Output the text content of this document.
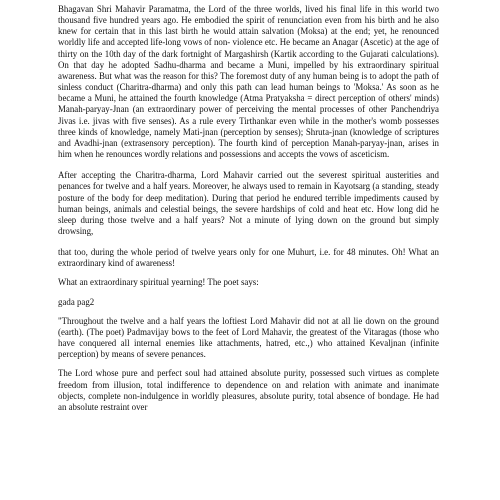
Bhagavan Shri Mahavir Paramatma, the Lord of the three worlds, lived his final life in this world two thousand five hundred years ago. He embodied the spirit of renunciation even from his birth and he also knew for certain that in this last birth he would attain salvation (Moksa) at the end; yet, he renounced worldly life and accepted life-long vows of non- violence etc. He became an Anagar (Ascetic) at the age of thirty on the 10th day of the dark fortnight of Margashirsh (Kartik according to the Gujarati calculations). On that day he adopted Sadhu-dharma and became a Muni, impelled by his extraordinary spiritual awareness. But what was the reason for this? The foremost duty of any human being is to adopt the path of sinless conduct (Charitra-dharma) and only this path can lead human beings to 'Moksa.' As soon as he became a Muni, he attained the fourth knowledge (Atma Pratyaksha = direct perception of others' minds) Manah-paryay-Jnan (an extraordinary power of perceiving the mental processes of other Panchendriya Jivas i.e. jivas with five senses). As a rule every Tirthankar even while in the mother's womb possesses three kinds of knowledge, namely Mati-jnan (perception by senses); Shruta-jnan (knowledge of scriptures and Avadhi-jnan (extrasensory perception). The fourth kind of perception Manah-paryay-jnan, arises in him when he renounces wordly relations and possessions and accepts the vows of asceticism.

After accepting the Charitra-dharma, Lord Mahavir carried out the severest spiritual austerities and penances for twelve and a half years. Moreover, he always used to remain in Kayotsarg (a standing, steady posture of the body for deep meditation). During that period he endured terrible impediments caused by human beings, animals and celestial beings, the severe hardships of cold and heat etc. How long did he sleep during those twelve and a half years? Not a minute of lying down on the ground but simply drowsing,

that too, during the whole period of twelve years only for one Muhurt, i.e. for 48 minutes. Oh! What an extraordinary kind of awareness!

What an extraordinary spiritual yearning! The poet says:

gada pag2

"Throughout the twelve and a half years the loftiest Lord Mahavir did not at all lie down on the ground (earth). (The poet) Padmavijay bows to the feet of Lord Mahavir, the greatest of the Vitaragas (those who have conquered all internal enemies like attachments, hatred, etc.,) who attained Kevaljnan (infinite perception) by means of severe penances.

The Lord whose pure and perfect soul had attained absolute purity, possessed such virtues as complete freedom from illusion, total indifference to dependence on and relation with animate and inanimate objects, complete non-indulgence in worldly pleasures, absolute purity, total absence of bondage. He had an absolute restraint over
